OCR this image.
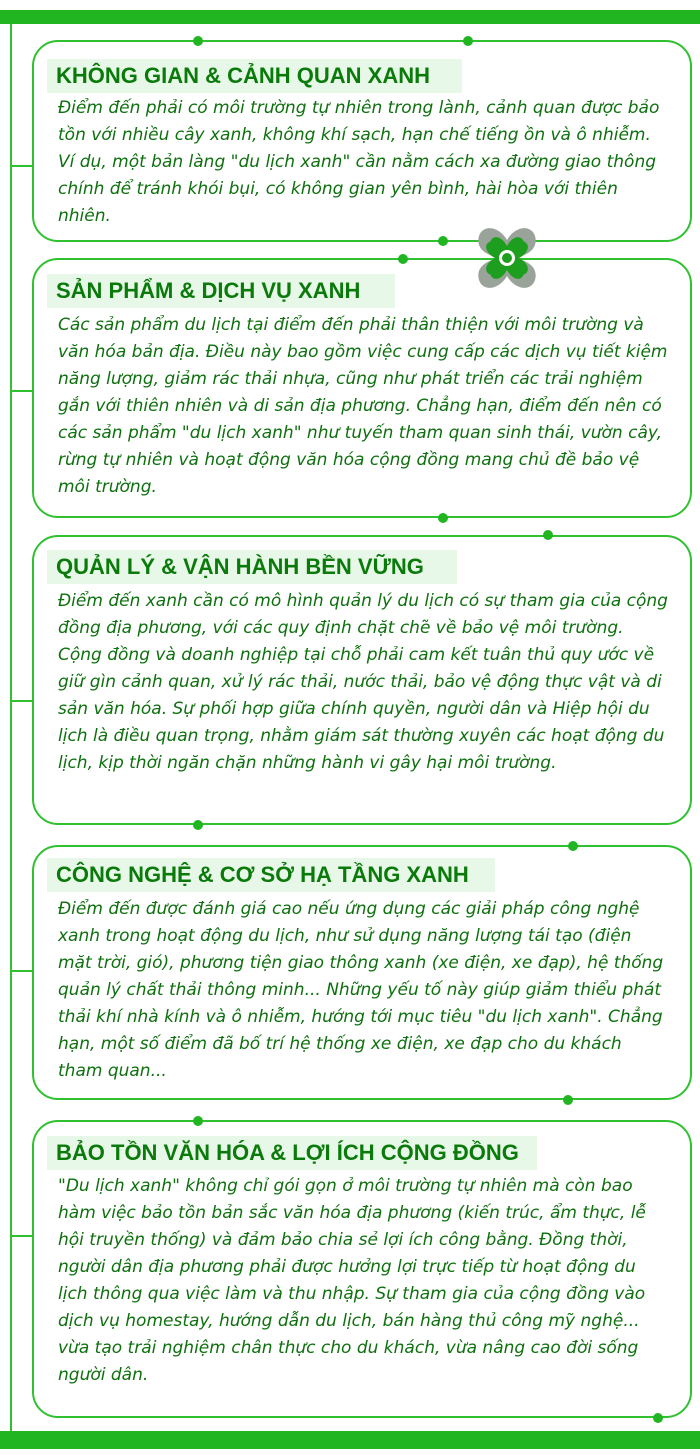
KHÔNG GIAN & CẢNH QUAN XANH

Điểm đến phải có môi trường tự nhiên trong lành, cảnh quan được bảo tồn với nhiều cây xanh, không khí sạch, hạn chế tiếng ồn và ô nhiễm. Ví dụ, một bản làng "du lịch xanh" cần nằm cách xa đường giao thông chính để tránh khói bụi, có không gian yên bình, hài hòa với thiên nhiên.

SẢN PHẨM & DỊCH VỤ XANH

Các sản phẩm du lịch tại điểm đến phải thân thiện với môi trường và văn hóa bản địa. Điều này bao gồm việc cung cấp các dịch vụ tiết kiệm năng lượng, giảm rác thải nhựa, cũng như phát triển các trải nghiệm gắn với thiên nhiên và di sản địa phương. Chẳng hạn, điểm đến nên có các sản phẩm "du lịch xanh" như tuyến tham quan sinh thái, vườn cây, rừng tự nhiên và hoạt động văn hóa cộng đồng mang chủ đề bảo vệ môi trường.

QUẢN LÝ & VẬN HÀNH BỀN VỮNG

Điểm đến xanh cần có mô hình quản lý du lịch có sự tham gia của cộng đồng địa phương, với các quy định chặt chẽ về bảo vệ môi trường. Cộng đồng và doanh nghiệp tại chỗ phải cam kết tuân thủ quy ước về giữ gìn cảnh quan, xử lý rác thải, nước thải, bảo vệ động thực vật và di sản văn hóa. Sự phối hợp giữa chính quyền, người dân và Hiệp hội du lịch là điều quan trọng, nhằm giám sát thường xuyên các hoạt động du lịch, kịp thời ngăn chặn những hành vi gây hại môi trường.

CÔNG NGHỆ & CƠ SỞ HẠ TẦNG XANH

Điểm đến được đánh giá cao nếu ứng dụng các giải pháp công nghệ xanh trong hoạt động du lịch, như sử dụng năng lượng tái tạo (điện mặt trời, gió), phương tiện giao thông xanh (xe điện, xe đạp), hệ thống quản lý chất thải thông minh... Những yếu tố này giúp giảm thiểu phát thải khí nhà kính và ô nhiễm, hướng tới mục tiêu "du lịch xanh". Chẳng hạn, một số điểm đã bố trí hệ thống xe điện, xe đạp cho du khách tham quan...

BẢO TỒN VĂN HÓA & LỢI ÍCH CỘNG ĐỒNG

"Du lịch xanh" không chỉ gói gọn ở môi trường tự nhiên mà còn bao hàm việc bảo tồn bản sắc văn hóa địa phương (kiến trúc, ẩm thực, lễ hội truyền thống) và đảm bảo chia sẻ lợi ích công bằng. Đồng thời, người dân địa phương phải được hưởng lợi trực tiếp từ hoạt động du lịch thông qua việc làm và thu nhập. Sự tham gia của cộng đồng vào dịch vụ homestay, hướng dẫn du lịch, bán hàng thủ công mỹ nghệ... vừa tạo trải nghiệm chân thực cho du khách, vừa nâng cao đời sống người dân.
